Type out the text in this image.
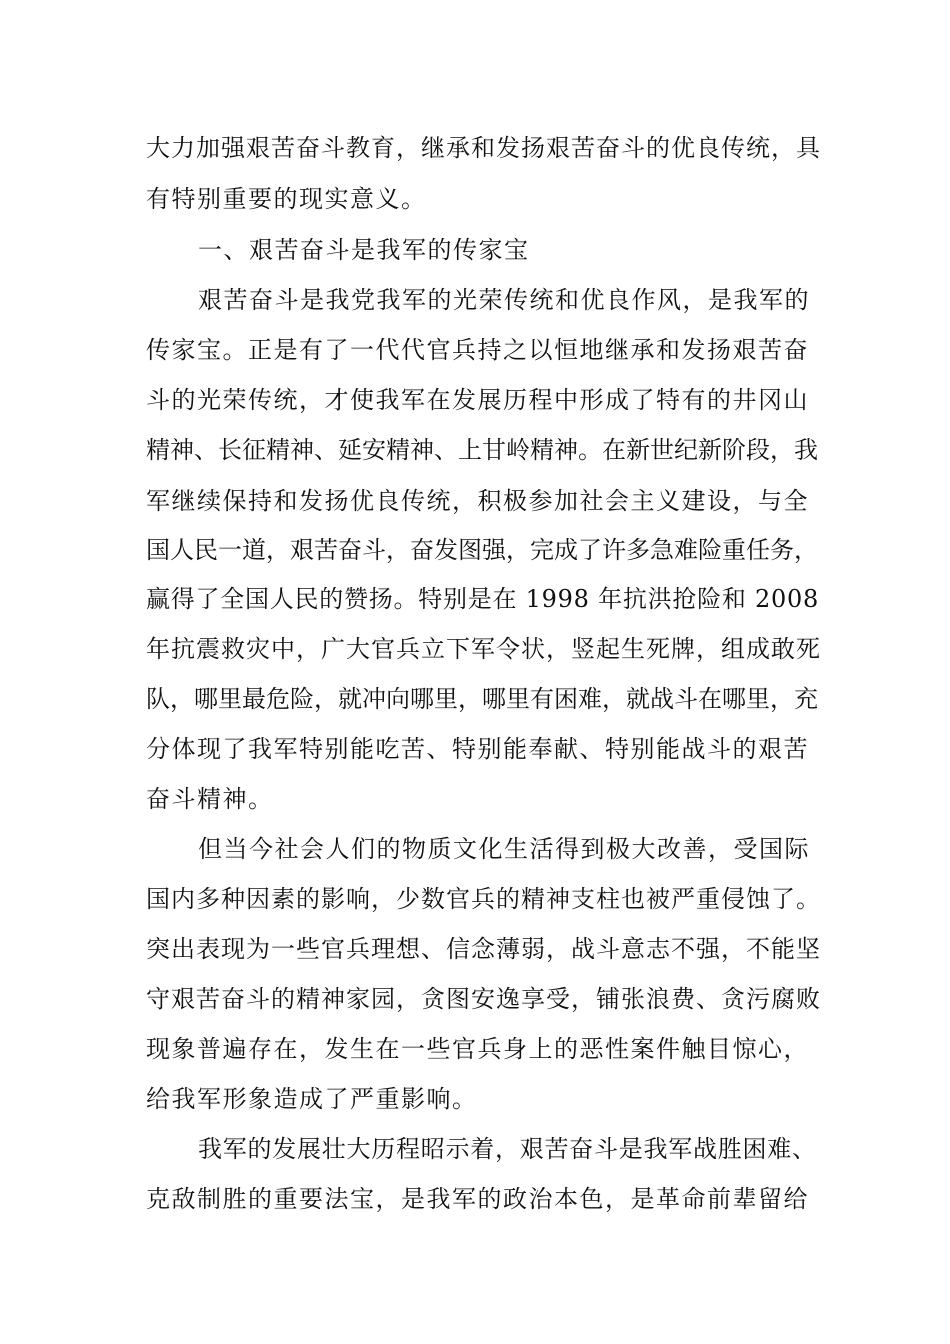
大力加强艰苦奋斗教育，继承和发扬艰苦奋斗的优良传统，具
有特别重要的现实意义。
一、艰苦奋斗是我军的传家宝
艰苦奋斗是我党我军的光荣传统和优良作风，是我军的
传家宝。正是有了一代代官兵持之以恒地继承和发扬艰苦奋
斗的光荣传统，才使我军在发展历程中形成了特有的井冈山
精神、长征精神、延安精神、上甘岭精神。在新世纪新阶段，我
军继续保持和发扬优良传统，积极参加社会主义建设，与全
国人民一道，艰苦奋斗，奋发图强，完成了许多急难险重任务，
赢得了全国人民的赞扬。特别是在 1998 年抗洪抢险和 2008
年抗震救灾中，广大官兵立下军令状，竖起生死牌，组成敢死
队，哪里最危险，就冲向哪里，哪里有困难，就战斗在哪里，充
分体现了我军特别能吃苦、特别能奉献、特别能战斗的艰苦
奋斗精神。
但当今社会人们的物质文化生活得到极大改善，受国际
国内多种因素的影响，少数官兵的精神支柱也被严重侵蚀了。
突出表现为一些官兵理想、信念薄弱，战斗意志不强，不能坚
守艰苦奋斗的精神家园，贪图安逸享受，铺张浪费、贪污腐败
现象普遍存在，发生在一些官兵身上的恶性案件触目惊心，
给我军形象造成了严重影响。
我军的发展壮大历程昭示着，艰苦奋斗是我军战胜困难、
克敌制胜的重要法宝，是我军的政治本色，是革命前辈留给
